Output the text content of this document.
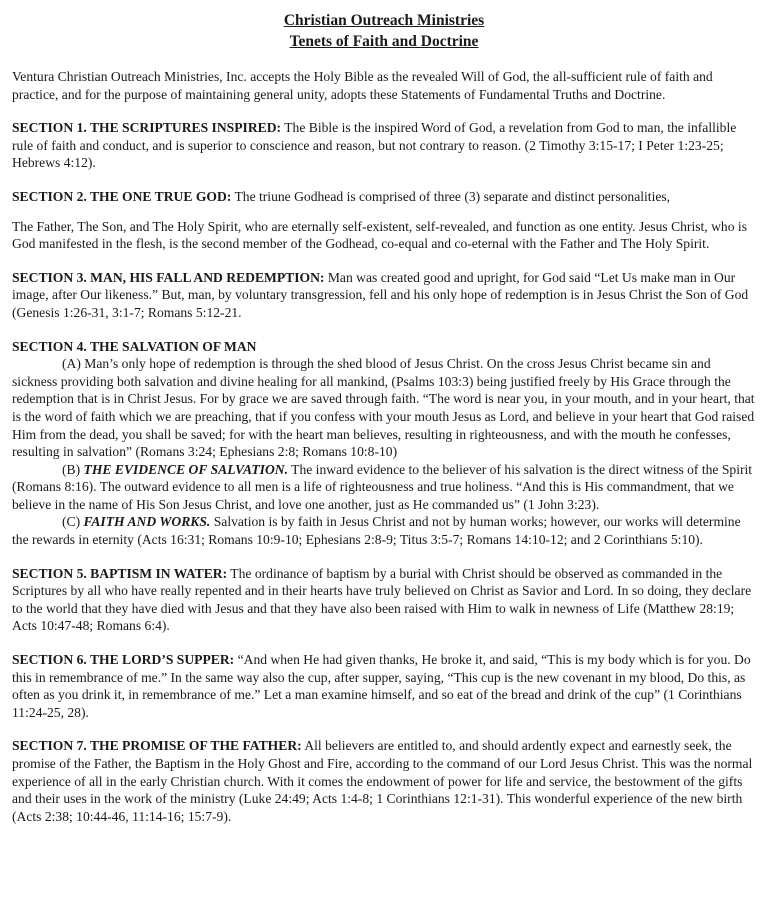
Christian Outreach Ministries
Tenets of Faith and Doctrine

Ventura Christian Outreach Ministries, Inc. accepts the Holy Bible as the revealed Will of God, the all-sufficient rule of faith and practice, and for the purpose of maintaining general unity, adopts these Statements of Fundamental Truths and Doctrine.

SECTION 1. THE SCRIPTURES INSPIRED: The Bible is the inspired Word of God, a revelation from God to man, the infallible rule of faith and conduct, and is superior to conscience and reason, but not contrary to reason. (2 Timothy 3:15-17; I Peter 1:23-25; Hebrews 4:12).

SECTION 2. THE ONE TRUE GOD: The triune Godhead is comprised of three (3) separate and distinct personalities,

The Father, The Son, and The Holy Spirit, who are eternally self-existent, self-revealed, and function as one entity. Jesus Christ, who is God manifested in the flesh, is the second member of the Godhead, co-equal and co-eternal with the Father and The Holy Spirit.

SECTION 3. MAN, HIS FALL AND REDEMPTION: Man was created good and upright, for God said “Let Us make man in Our image, after Our likeness.” But, man, by voluntary transgression, fell and his only hope of redemption is in Jesus Christ the Son of God (Genesis 1:26-31, 3:1-7; Romans 5:12-21.

SECTION 4. THE SALVATION OF MAN

(A) Man’s only hope of redemption is through the shed blood of Jesus Christ. On the cross Jesus Christ became sin and sickness providing both salvation and divine healing for all mankind, (Psalms 103:3) being justified freely by His Grace through the redemption that is in Christ Jesus. For by grace we are saved through faith. “The word is near you, in your mouth, and in your heart, that is the word of faith which we are preaching, that if you confess with your mouth Jesus as Lord, and believe in your heart that God raised Him from the dead, you shall be saved; for with the heart man believes, resulting in righteousness, and with the mouth he confesses, resulting in salvation” (Romans 3:24; Ephesians 2:8; Romans 10:8-10)

(B) THE EVIDENCE OF SALVATION. The inward evidence to the believer of his salvation is the direct witness of the Spirit (Romans 8:16). The outward evidence to all men is a life of righteousness and true holiness. “And this is His commandment, that we believe in the name of His Son Jesus Christ, and love one another, just as He commanded us” (1 John 3:23).

(C) FAITH AND WORKS. Salvation is by faith in Jesus Christ and not by human works; however, our works will determine the rewards in eternity (Acts 16:31; Romans 10:9-10; Ephesians 2:8-9; Titus 3:5-7; Romans 14:10-12; and 2 Corinthians 5:10).

SECTION 5. BAPTISM IN WATER: The ordinance of baptism by a burial with Christ should be observed as commanded in the Scriptures by all who have really repented and in their hearts have truly believed on Christ as Savior and Lord. In so doing, they declare to the world that they have died with Jesus and that they have also been raised with Him to walk in newness of Life (Matthew 28:19; Acts 10:47-48; Romans 6:4).

SECTION 6. THE LORD’S SUPPER: “And when He had given thanks, He broke it, and said, “This is my body which is for you. Do this in remembrance of me.” In the same way also the cup, after supper, saying, “This cup is the new covenant in my blood, Do this, as often as you drink it, in remembrance of me.” Let a man examine himself, and so eat of the bread and drink of the cup” (1 Corinthians 11:24-25, 28).

SECTION 7. THE PROMISE OF THE FATHER: All believers are entitled to, and should ardently expect and earnestly seek, the promise of the Father, the Baptism in the Holy Ghost and Fire, according to the command of our Lord Jesus Christ. This was the normal experience of all in the early Christian church. With it comes the endowment of power for life and service, the bestowment of the gifts and their uses in the work of the ministry (Luke 24:49; Acts 1:4-8; 1 Corinthians 12:1-31). This wonderful experience of the new birth (Acts 2:38; 10:44-46, 11:14-16; 15:7-9).
